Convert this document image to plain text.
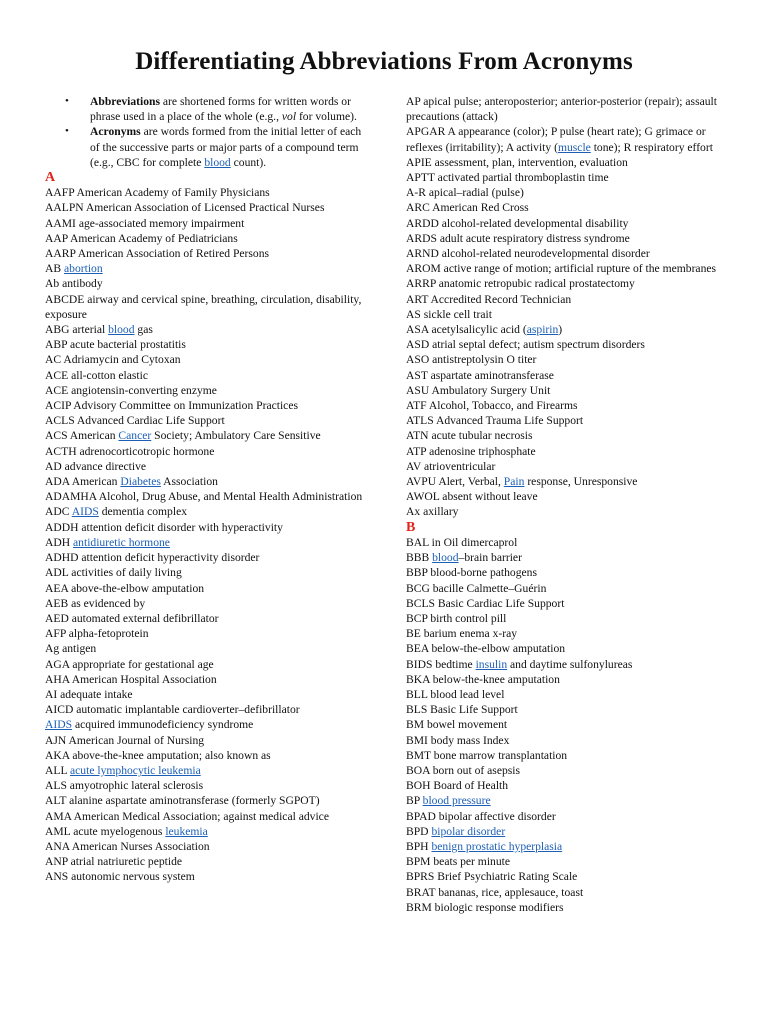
Differentiating Abbreviations From Acronyms
• Abbreviations are shortened forms for written words or phrase used in a place of the whole (e.g., vol for volume).
• Acronyms are words formed from the initial letter of each of the successive parts or major parts of a compound term (e.g., CBC for complete blood count).
A
AAFP American Academy of Family Physicians
AALPN American Association of Licensed Practical Nurses
AAMI age-associated memory impairment
AAP American Academy of Pediatricians
AARP American Association of Retired Persons
AB abortion
Ab antibody
ABCDE airway and cervical spine, breathing, circulation, disability, exposure
ABG arterial blood gas
ABP acute bacterial prostatitis
AC Adriamycin and Cytoxan
ACE all-cotton elastic
ACE angiotensin-converting enzyme
ACIP Advisory Committee on Immunization Practices
ACLS Advanced Cardiac Life Support
ACS American Cancer Society; Ambulatory Care Sensitive
ACTH adrenocorticotropic hormone
AD advance directive
ADA American Diabetes Association
ADAMHA Alcohol, Drug Abuse, and Mental Health Administration
ADC AIDS dementia complex
ADDH attention deficit disorder with hyperactivity
ADH antidiuretic hormone
ADHD attention deficit hyperactivity disorder
ADL activities of daily living
AEA above-the-elbow amputation
AEB as evidenced by
AED automated external defibrillator
AFP alpha-fetoprotein
Ag antigen
AGA appropriate for gestational age
AHA American Hospital Association
AI adequate intake
AICD automatic implantable cardioverter–defibrillator
AIDS acquired immunodeficiency syndrome
AJN American Journal of Nursing
AKA above-the-knee amputation; also known as
ALL acute lymphocytic leukemia
ALS amyotrophic lateral sclerosis
ALT alanine aspartate aminotransferase (formerly SGPOT)
AMA American Medical Association; against medical advice
AML acute myelogenous leukemia
ANA American Nurses Association
ANP atrial natriuretic peptide
ANS autonomic nervous system
AP apical pulse; anteroposterior; anterior-posterior (repair); assault precautions (attack)
APGAR A appearance (color); P pulse (heart rate); G grimace or reflexes (irritability); A activity (muscle tone); R respiratory effort
APIE assessment, plan, intervention, evaluation
APTT activated partial thromboplastin time
A-R apical–radial (pulse)
ARC American Red Cross
ARDD alcohol-related developmental disability
ARDS adult acute respiratory distress syndrome
ARND alcohol-related neurodevelopmental disorder
AROM active range of motion; artificial rupture of the membranes
ARRP anatomic retropubic radical prostatectomy
ART Accredited Record Technician
AS sickle cell trait
ASA acetylsalicylic acid (aspirin)
ASD atrial septal defect; autism spectrum disorders
ASO antistreptolysin O titer
AST aspartate aminotransferase
ASU Ambulatory Surgery Unit
ATF Alcohol, Tobacco, and Firearms
ATLS Advanced Trauma Life Support
ATN acute tubular necrosis
ATP adenosine triphosphate
AV atrioventricular
AVPU Alert, Verbal, Pain response, Unresponsive
AWOL absent without leave
Ax axillary
B
BAL in Oil dimercaprol
BBB blood–brain barrier
BBP blood-borne pathogens
BCG bacille Calmette–Guérin
BCLS Basic Cardiac Life Support
BCP birth control pill
BE barium enema x-ray
BEA below-the-elbow amputation
BIDS bedtime insulin and daytime sulfonylureas
BKA below-the-knee amputation
BLL blood lead level
BLS Basic Life Support
BM bowel movement
BMI body mass Index
BMT bone marrow transplantation
BOA born out of asepsis
BOH Board of Health
BP blood pressure
BPAD bipolar affective disorder
BPD bipolar disorder
BPH benign prostatic hyperplasia
BPM beats per minute
BPRS Brief Psychiatric Rating Scale
BRAT bananas, rice, applesauce, toast
BRM biologic response modifiers
